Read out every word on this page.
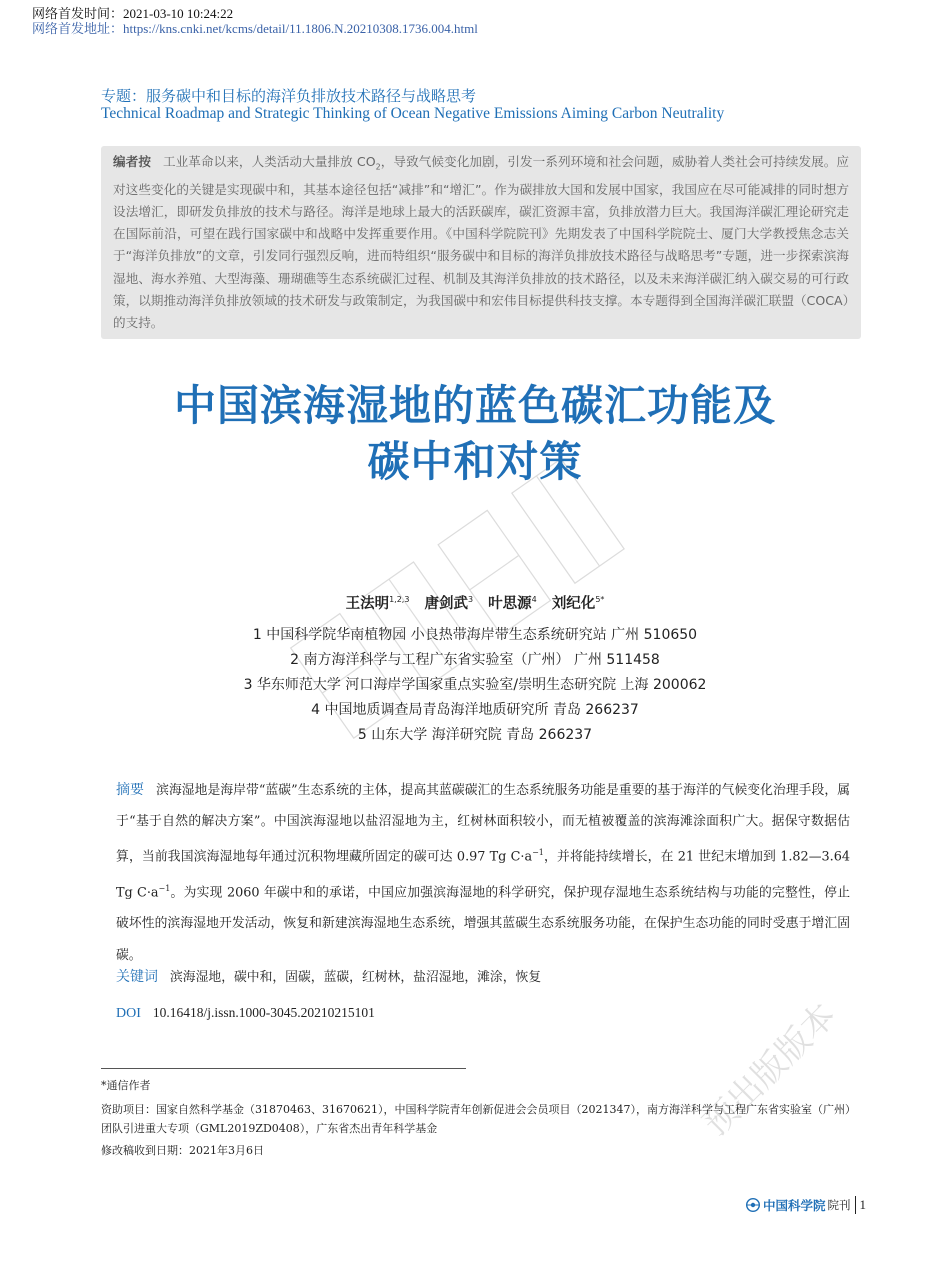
网络首发时间：2021-03-10 10:24:22
网络首发地址：https://kns.cnki.net/kcms/detail/11.1806.N.20210308.1736.004.html
专题：服务碳中和目标的海洋负排放技术路径与战略思考
Technical Roadmap and Strategic Thinking of Ocean Negative Emissions Aiming Carbon Neutrality

编者按 工业革命以来，人类活动大量排放 $CO_2$，导致气候变化加剧，引发一系列环境和社会问题，威胁着人类社会可持续发展。应对这些变化的关键是实现碳中和，其基本途径包括“减排”和“增汇”。作为碳排放大国和发展中国家，我国应在尽可能减排的同时想方设法增汇，即研发负排放的技术与路径。海洋是地球上最大的活跃碳库，碳汇资源丰富，负排放潜力巨大。我国海洋碳汇理论研究走在国际前沿，可望在践行国家碳中和战略中发挥重要作用。《中国科学院院刊》先期发表了中国科学院院士、厦门大学教授焦念志关于“海洋负排放”的文章，引发同行强烈反响，进而特组织“服务碳中和目标的海洋负排放技术路径与战略思考”专题，进一步探索滨海湿地、海水养殖、大型海藻、珊瑚礁等生态系统碳汇过程、机制及其海洋负排放的技术路径，以及未来海洋碳汇纳入碳交易的可行政策，以期推动海洋负排放领域的技术研发与政策制定，为我国碳中和宏伟目标提供科技支撑。本专题得到全国海洋碳汇联盟（COCA）的支持。

中国滨海湿地的蓝色碳汇功能及
碳中和对策
王法明$^{1,2,3}$ 唐剑武$^3$ 叶思源$^4$ 刘纪化$^{5*}$
1 中国科学院华南植物园 小良热带海岸带生态系统研究站 广州 510650
2 南方海洋科学与工程广东省实验室（广州） 广州 511458
3 华东师范大学 河口海岸学国家重点实验室/崇明生态研究院 上海 200062
4 中国地质调查局青岛海洋地质研究所 青岛 266237
5 山东大学 海洋研究院 青岛 266237

摘要 滨海湿地是海岸带“蓝碳”生态系统的主体，提高其蓝碳碳汇的生态系统服务功能是重要的基于海洋的气候变化治理手段，属于“基于自然的解决方案”。中国滨海湿地以盐沼湿地为主，红树林面积较小，而无植被覆盖的滨海滩涂面积广大。据保守数据估算，当前我国滨海湿地每年通过沉积物埋藏所固定的碳可达 0.97 Tg $C\cdot a^{-1}$，并将能持续增长，在 21 世纪末增加到 1.82—3.64 Tg $C\cdot a^{-1}$。为实现 2060 年碳中和的承诺，中国应加强滨海湿地的科学研究，保护现存湿地生态系统结构与功能的完整性，停止破坏性的滨海湿地开发活动，恢复和新建滨海湿地生态系统，增强其蓝碳生态系统服务功能，在保护生态功能的同时受惠于增汇固碳。

关键词 滨海湿地，碳中和，固碳，蓝碳，红树林，盐沼湿地，滩涂，恢复
DOI 10.16418/j.issn.1000-3045.20210215101
*通信作者
资助项目：国家自然科学基金（31870463、31670621），中国科学院青年创新促进会会员项目（2021347），南方海洋科学与工程广东省实验室（广州）团队引进重大专项（GML2019ZD0408），广东省杰出青年科学基金
修改稿收到日期：2021年3月6日
预出版版本
中国科学院 院刊 1
